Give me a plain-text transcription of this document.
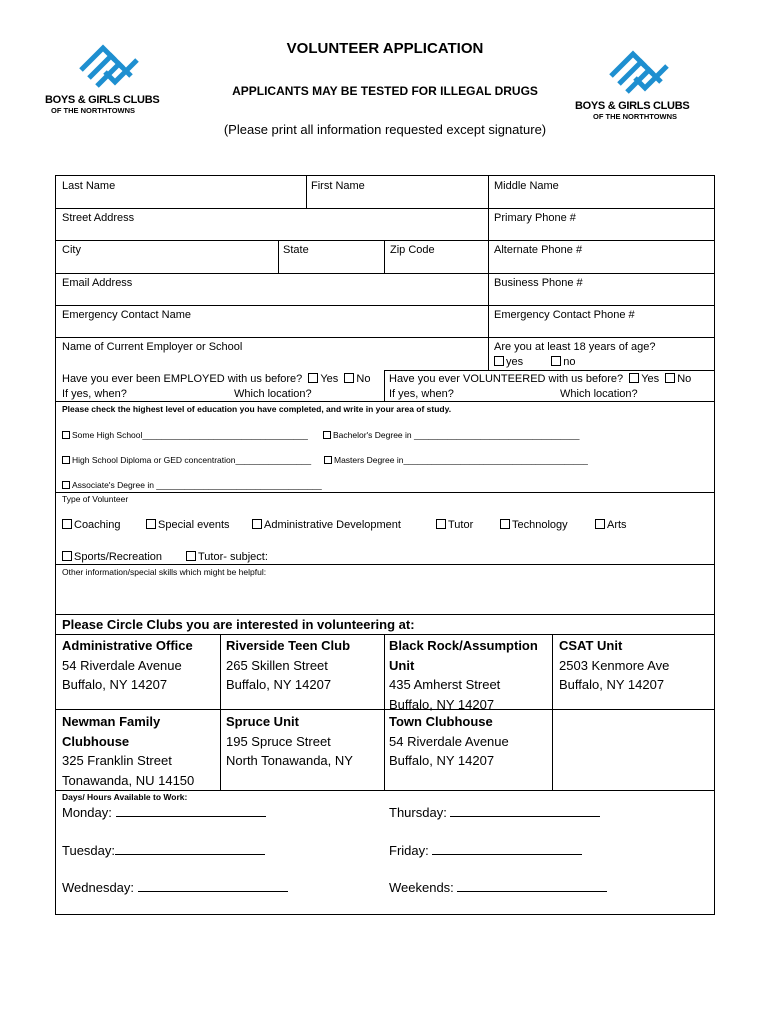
BOYS & GIRLS CLUBS
OF THE NORTHTOWNS	BOYS & GIRLS CLUBS
OF THE NORTHTOWNS
VOLUNTEER APPLICATION
APPLICANTS MAY BE TESTED FOR ILLEGAL DRUGS
(Please print all information requested except signature)
Last Name	First Name	Middle Name
Street Address	Primary Phone #
City	State	Zip Code	Alternate Phone #
Email Address	Business Phone #
Emergency Contact Name	Emergency Contact Phone #
Name of Current Employer or School	Are you at least 18 years of age?
yes	no
Have you ever been EMPLOYED with us before? Yes No
If yes, when?	Which location?
Have you ever VOLUNTEERED with us before? Yes No
If yes, when?	Which location?
Please check the highest level of education you have completed, and write in your area of study.
Some High School___________________________________	Bachelor's Degree in ___________________________________
High School Diploma or GED concentration________________	Masters Degree in_______________________________________
Associate's Degree in ___________________________________
Type of Volunteer
Coaching	Special events	Administrative Development	Tutor	Technology	Arts
Sports/Recreation	Tutor- subject:
Other information/special skills which might be helpful:
Please Circle Clubs you are interested in volunteering at:
Administrative Office
54 Riverdale Avenue
Buffalo, NY 14207
Riverside Teen Club
265 Skillen Street
Buffalo, NY 14207
Black Rock/Assumption Unit
435 Amherst Street
Buffalo, NY 14207
CSAT Unit
2503 Kenmore Ave
Buffalo, NY 14207
Newman Family Clubhouse
325 Franklin Street
Tonawanda, NU 14150
Spruce Unit
195 Spruce Street
North Tonawanda, NY
Town Clubhouse
54 Riverdale Avenue
Buffalo, NY 14207
Days/ Hours Available to Work:
Monday:	Thursday:
Tuesday:	Friday:
Wednesday:	Weekends:
